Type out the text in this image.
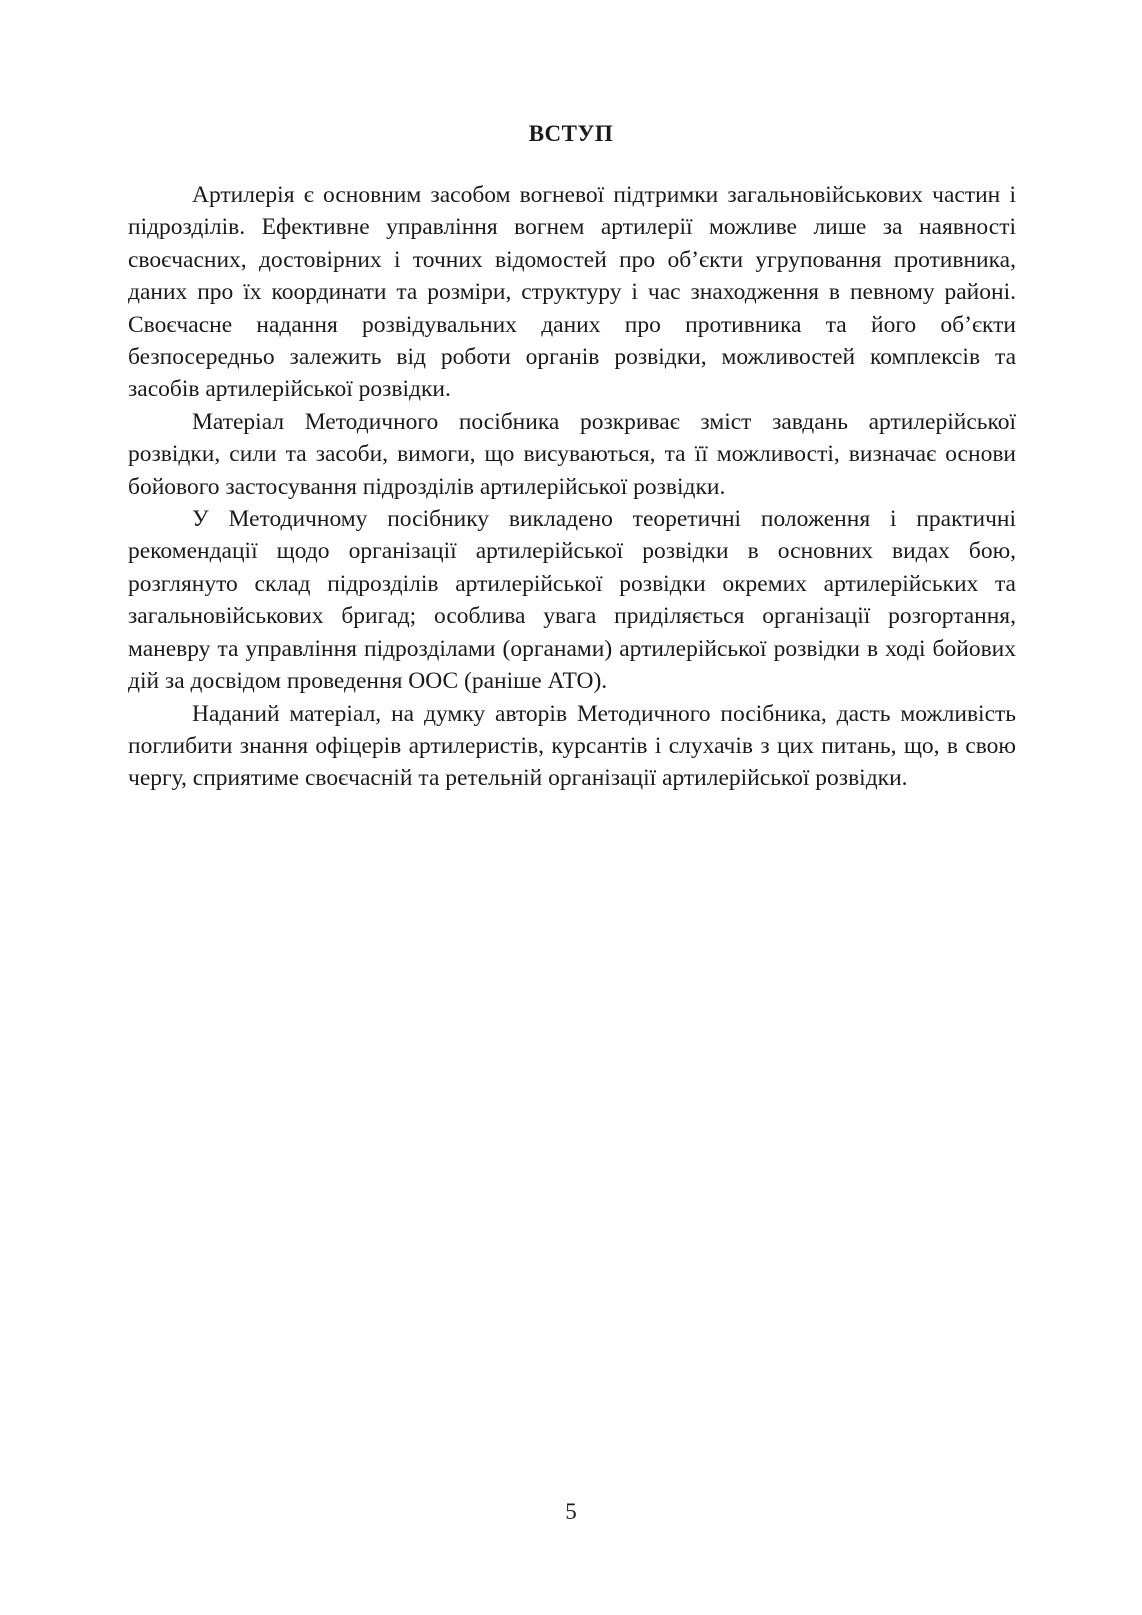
ВСТУП

Артилерія є основним засобом вогневої підтримки загальновійськових частин і підрозділів. Ефективне управління вогнем артилерії можливе лише за наявності своєчасних, достовірних і точних відомостей про об’єкти угруповання противника, даних про їх координати та розміри, структуру і час знаходження в певному районі. Своєчасне надання розвідувальних даних про противника та його об’єкти безпосередньо залежить від роботи органів розвідки, можливостей комплексів та засобів артилерійської розвідки.

Матеріал Методичного посібника розкриває зміст завдань артилерійської розвідки, сили та засоби, вимоги, що висуваються, та її можливості, визначає основи бойового застосування підрозділів артилерійської розвідки.

У Методичному посібнику викладено теоретичні положення і практичні рекомендації щодо організації артилерійської розвідки в основних видах бою, розглянуто склад підрозділів артилерійської розвідки окремих артилерійських та загальновійськових бригад; особлива увага приділяється організації розгортання, маневру та управління підрозділами (органами) артилерійської розвідки в ході бойових дій за досвідом проведення ООС (раніше АТО).

Наданий матеріал, на думку авторів Методичного посібника, дасть можливість поглибити знання офіцерів артилеристів, курсантів і слухачів з цих питань, що, в свою чергу, сприятиме своєчасній та ретельній організації артилерійської розвідки.

5
